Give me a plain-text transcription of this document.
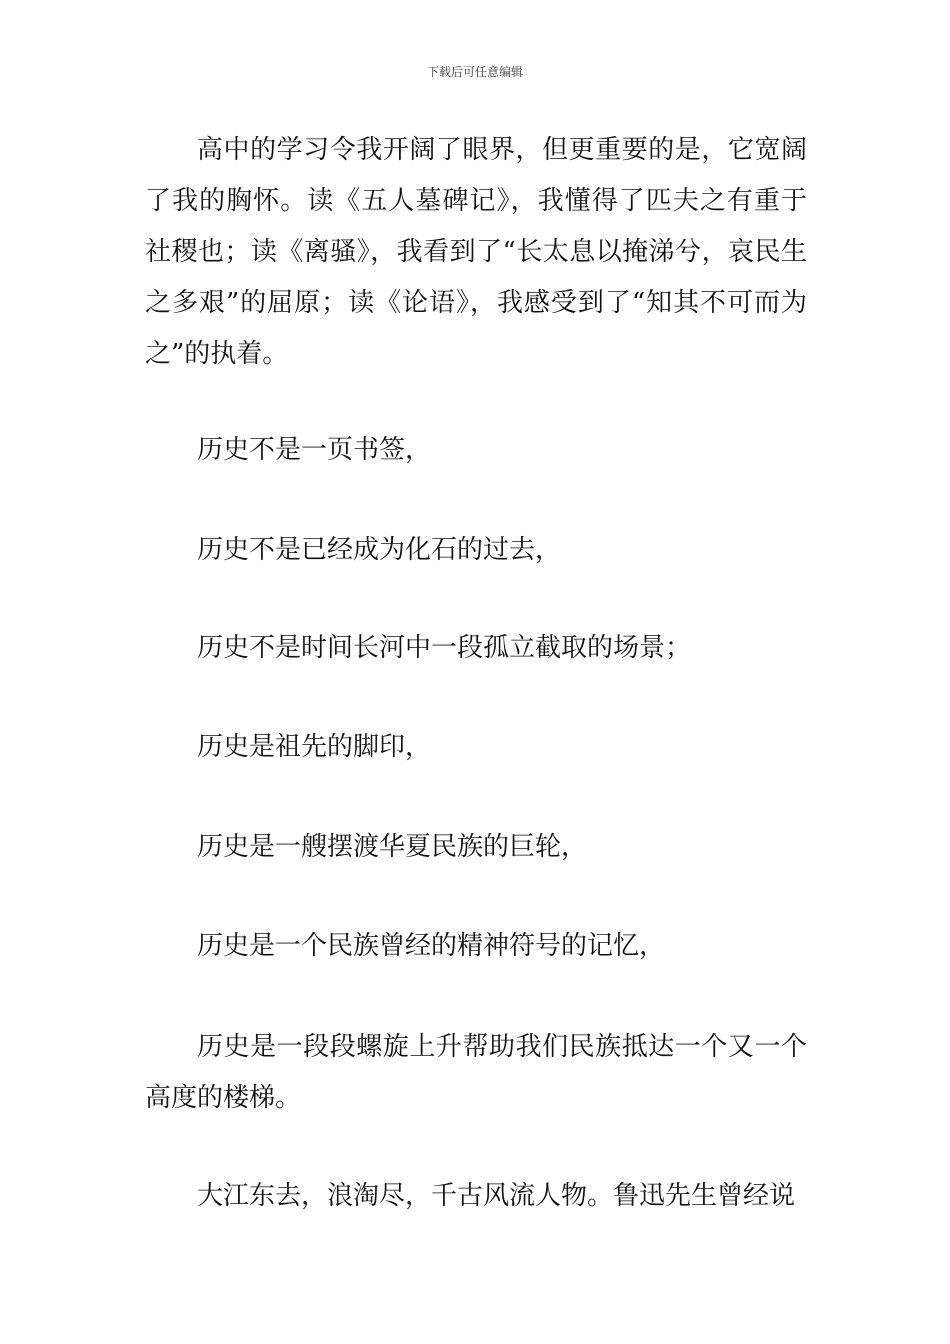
下载后可任意编辑

高中的学习令我开阔了眼界，但更重要的是，它宽阔了我的胸怀。读《五人墓碑记》，我懂得了匹夫之有重于社稷也；读《离骚》，我看到了“长太息以掩涕兮，哀民生之多艰”的屈原；读《论语》，我感受到了“知其不可而为之”的执着。

历史不是一页书签，

历史不是已经成为化石的过去，

历史不是时间长河中一段孤立截取的场景；

历史是祖先的脚印，

历史是一艘摆渡华夏民族的巨轮，

历史是一个民族曾经的精神符号的记忆，

历史是一段段螺旋上升帮助我们民族抵达一个又一个高度的楼梯。

大江东去，浪淘尽，千古风流人物。鲁迅先生曾经说
